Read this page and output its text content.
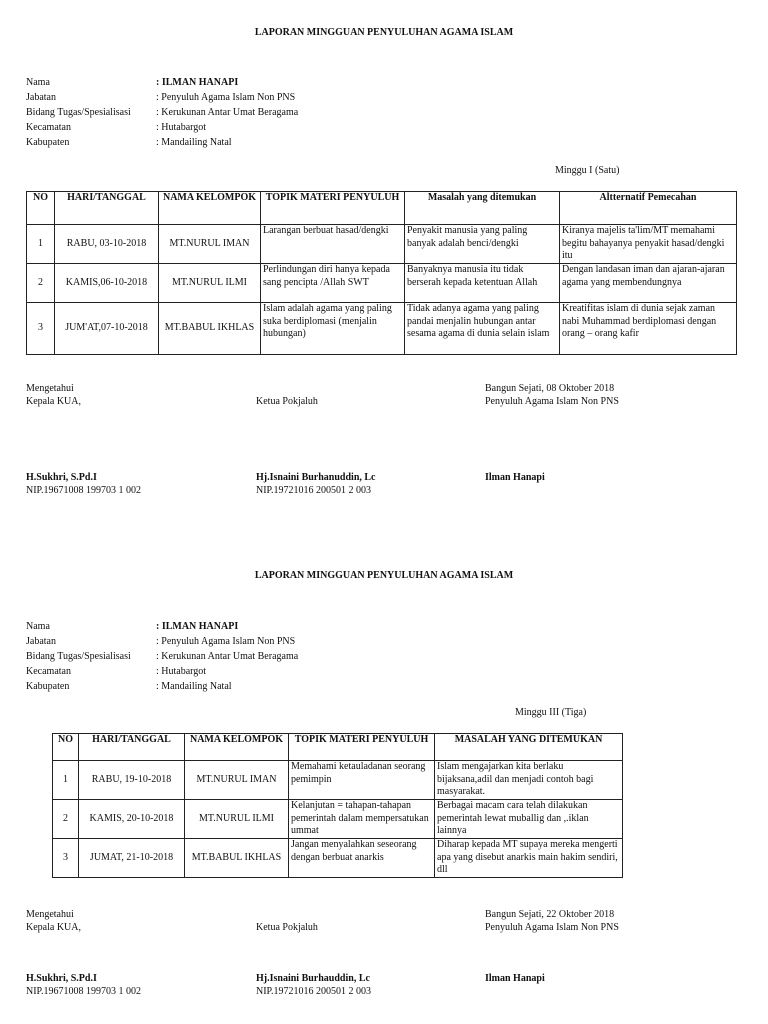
LAPORAN MINGGUAN PENYULUHAN AGAMA ISLAM
Nama	: ILMAN HANAPI
Jabatan	: Penyuluh Agama Islam Non PNS
Bidang Tugas/Spesialisasi	: Kerukunan Antar Umat Beragama
Kecamatan	: Hutabargot
Kabupaten	: Mandailing Natal
Minggu I (Satu)
NO	HARI/TANGGAL	NAMA KELOMPOK	TOPIK MATERI PENYULUH	Masalah yang ditemukan	Altternatif Pemecahan
1	RABU, 03-10-2018	MT.NURUL IMAN	Larangan berbuat hasad/dengki	Penyakit manusia yang paling banyak adalah benci/dengki	Kiranya majelis ta'lim/MT memahami begitu bahayanya penyakit hasad/dengki itu
2	KAMIS,06-10-2018	MT.NURUL ILMI	Perlindungan diri hanya kepada sang pencipta /Allah SWT	Banyaknya manusia itu tidak berserah kepada ketentuan Allah	Dengan landasan iman dan ajaran-ajaran agama yang membendungnya
3	JUM'AT,07-10-2018	MT.BABUL IKHLAS	Islam adalah agama yang paling suka berdiplomasi (menjalin hubungan)	Tidak adanya agama yang paling pandai menjalin hubungan antar sesama agama di dunia selain islam	Kreatifitas islam di dunia sejak zaman nabi Muhammad berdiplomasi dengan orang – orang kafir
Mengetahui
Kepala KUA,	Ketua Pokjaluh
Bangun Sejati, 08 Oktober 2018
Penyuluh Agama Islam Non PNS
H.Sukhri, S.Pd.I
NIP.19671008 199703 1 002
Hj.Isnaini Burhanuddin, Lc
NIP.19721016 200501 2 003
Ilman Hanapi
LAPORAN MINGGUAN PENYULUHAN AGAMA ISLAM
Nama	: ILMAN HANAPI
Jabatan	: Penyuluh Agama Islam Non PNS
Bidang Tugas/Spesialisasi	: Kerukunan Antar Umat Beragama
Kecamatan	: Hutabargot
Kabupaten	: Mandailing Natal
Minggu III (Tiga)
NO	HARI/TANGGAL	NAMA KELOMPOK	TOPIK MATERI PENYULUH	MASALAH YANG DITEMUKAN
1	RABU, 19-10-2018	MT.NURUL IMAN	Memahami ketauladanan seorang pemimpin	Islam mengajarkan kita berlaku bijaksana,adil dan menjadi contoh bagi masyarakat.
2	KAMIS, 20-10-2018	MT.NURUL ILMI	Kelanjutan = tahapan-tahapan pemerintah dalam mempersatukan ummat	Berbagai macam cara telah dilakukan pemerintah lewat muballig dan ,.iklan lainnya
3	JUMAT, 21-10-2018	MT.BABUL IKHLAS	Jangan menyalahkan seseorang dengan berbuat anarkis	Diharap kepada MT supaya mereka mengerti apa yang disebut anarkis main hakim sendiri, dll
Mengetahui
Kepala KUA,	Ketua Pokjaluh
Bangun Sejati, 22 Oktober 2018
Penyuluh Agama Islam Non PNS
H.Sukhri, S.Pd.I
NIP.19671008 199703 1 002
Hj.Isnaini Burhauddin, Lc
NIP.19721016 200501 2 003
Ilman Hanapi
